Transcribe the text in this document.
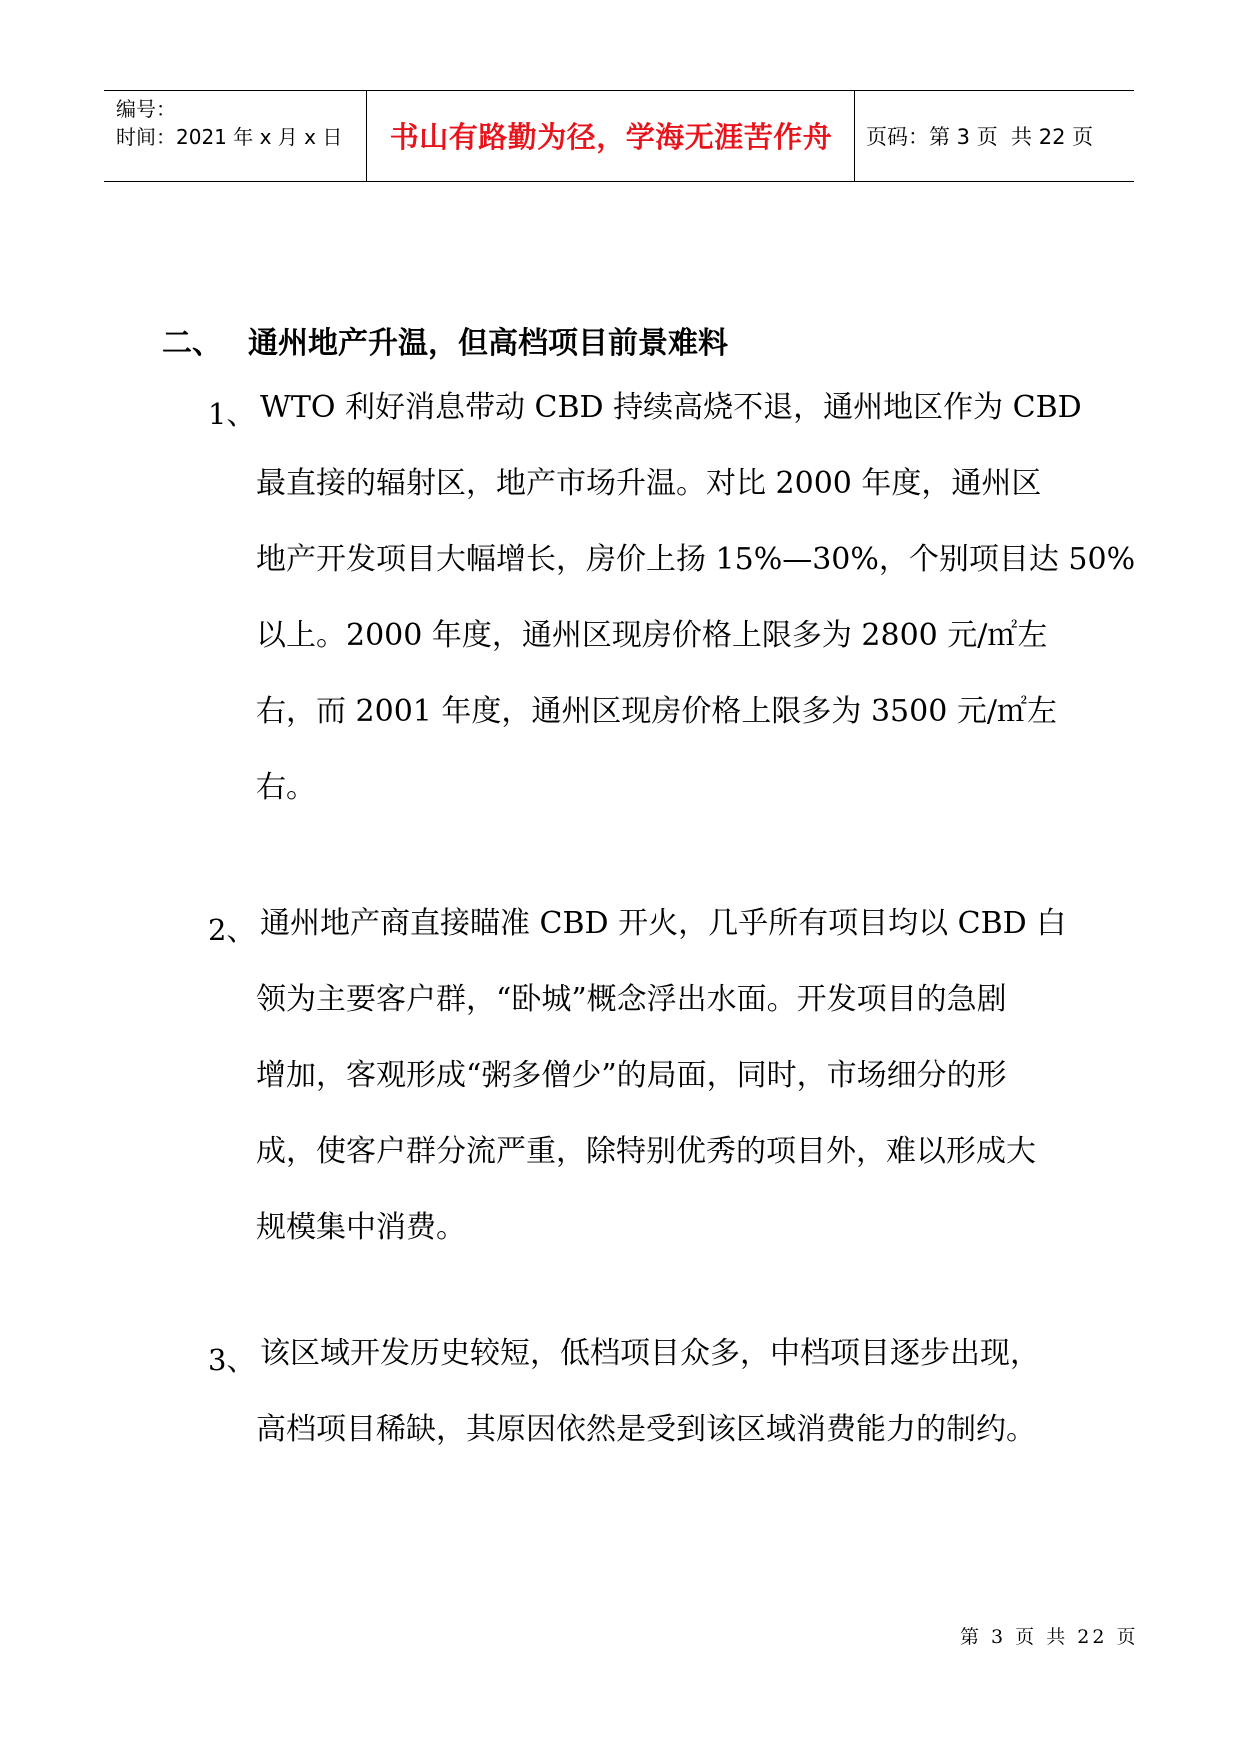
编号：
时间：2021 年 x 月 x 日	书山有路勤为径，学海无涯苦作舟	页码：第 3 页  共 22 页
二、 通州地产升温，但高档项目前景难料
1、 WTO 利好消息带动 CBD 持续高烧不退，通州地区作为 CBD
最直接的辐射区，地产市场升温。对比 2000 年度，通州区
地产开发项目大幅增长，房价上扬 15%—30%，个别项目达 50%
以上。2000 年度，通州区现房价格上限多为 2800 元/㎡左
右，而 2001 年度，通州区现房价格上限多为 3500 元/㎡左
右。
2、 通州地产商直接瞄准 CBD 开火，几乎所有项目均以 CBD 白
领为主要客户群，“卧城”概念浮出水面。开发项目的急剧
增加，客观形成“粥多僧少”的局面，同时，市场细分的形
成，使客户群分流严重，除特别优秀的项目外，难以形成大
规模集中消费。
3、 该区域开发历史较短，低档项目众多，中档项目逐步出现，
高档项目稀缺，其原因依然是受到该区域消费能力的制约。
第 3 页 共 22 页
